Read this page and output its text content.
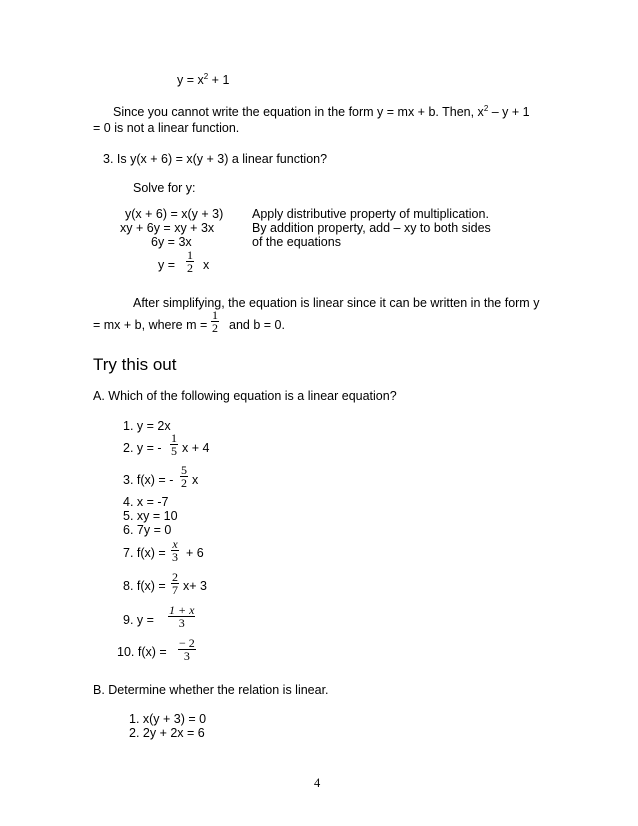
$y = x^2 + 1$
Since you cannot write the equation in the form y = mx + b. Then, $x^2 - y + 1$
= 0 is not a linear function.
3. Is y(x + 6) = x(y + 3) a linear function?
Solve for y:
y(x + 6) = x(y + 3) Apply distributive property of multiplication.
xy + 6y = xy + 3x	By addition property, add – xy to both sides
6y = 3x	of the equations
$y = \frac{1}{2}$ x
After simplifying, the equation is linear since it can be written in the form y
= mx + b, where $m = \frac{1}{2}$ and b = 0.
Try this out
A. Which of the following equation is a linear equation?
1. y = 2x
2. y = - $\frac{1}{5}$ x + 4
3. f(x) = - $\frac{5}{2}$ x
4. x = -7
5. xy = 10
6. 7y = 0
7. $f(x) = \frac{x}{3} + 6$
8. $f(x) = \frac{2}{7} x+ 3$
9. $y = \frac{1 + x}{3}$
10. $f(x) = \frac{- 2}{3}$
B. Determine whether the relation is linear.
1. x(y + 3) = 0
2. 2y + 2x = 6
4
